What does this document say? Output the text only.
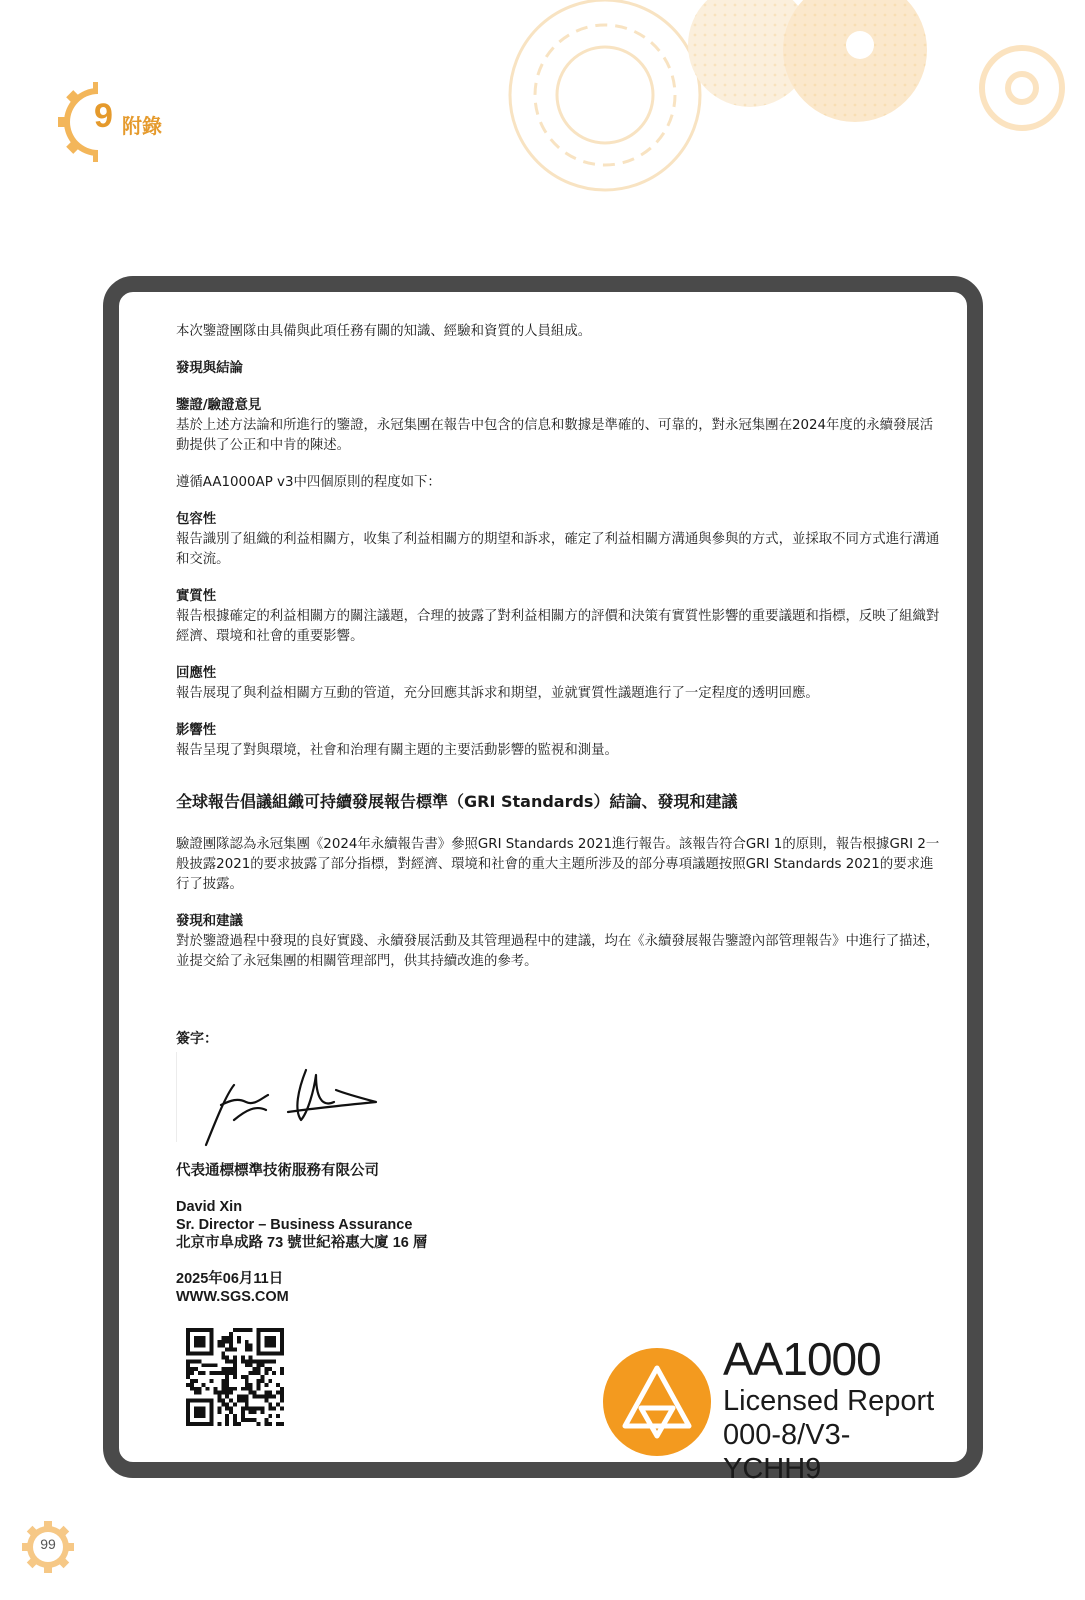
9 附錄

本次鑒證團隊由具備與此項任務有關的知識、經驗和資質的人員組成。

發現與結論

鑒證/驗證意見

基於上述方法論和所進行的鑒證，永冠集團在報告中包含的信息和數據是準確的、可靠的，對永冠集團在2024年度的永續發展活動提供了公正和中肯的陳述。

遵循AA1000AP v3中四個原則的程度如下：

包容性

報告識別了組織的利益相關方，收集了利益相關方的期望和訴求，確定了利益相關方溝通與參與的方式，並採取不同方式進行溝通和交流。

實質性

報告根據確定的利益相關方的關注議題，合理的披露了對利益相關方的評價和決策有實質性影響的重要議題和指標，反映了組織對經濟、環境和社會的重要影響。

回應性

報告展現了與利益相關方互動的管道，充分回應其訴求和期望，並就實質性議題進行了一定程度的透明回應。

影響性

報告呈現了對與環境，社會和治理有關主題的主要活動影響的監視和測量。

全球報告倡議組織可持續發展報告標準（GRI Standards）結論、發現和建議

驗證團隊認為永冠集團《2024年永續報告書》參照GRI Standards 2021進行報告。該報告符合GRI 1的原則，報告根據GRI 2一般披露2021的要求披露了部分指標，對經濟、環境和社會的重大主題所涉及的部分專項議題按照GRI Standards 2021的要求進行了披露。

發現和建議

對於鑒證過程中發現的良好實踐、永續發展活動及其管理過程中的建議，均在《永續發展報告鑒證內部管理報告》中進行了描述，並提交給了永冠集團的相關管理部門，供其持續改進的參考。

簽字：
代表通標標準技術服務有限公司
David Xin
Sr. Director – Business Assurance
北京市阜成路 73 號世紀裕惠大廈 16 層
2025年06月11日
WWW.SGS.COM
AA1000
Licensed Report
000-8/V3-YCHH9
99
